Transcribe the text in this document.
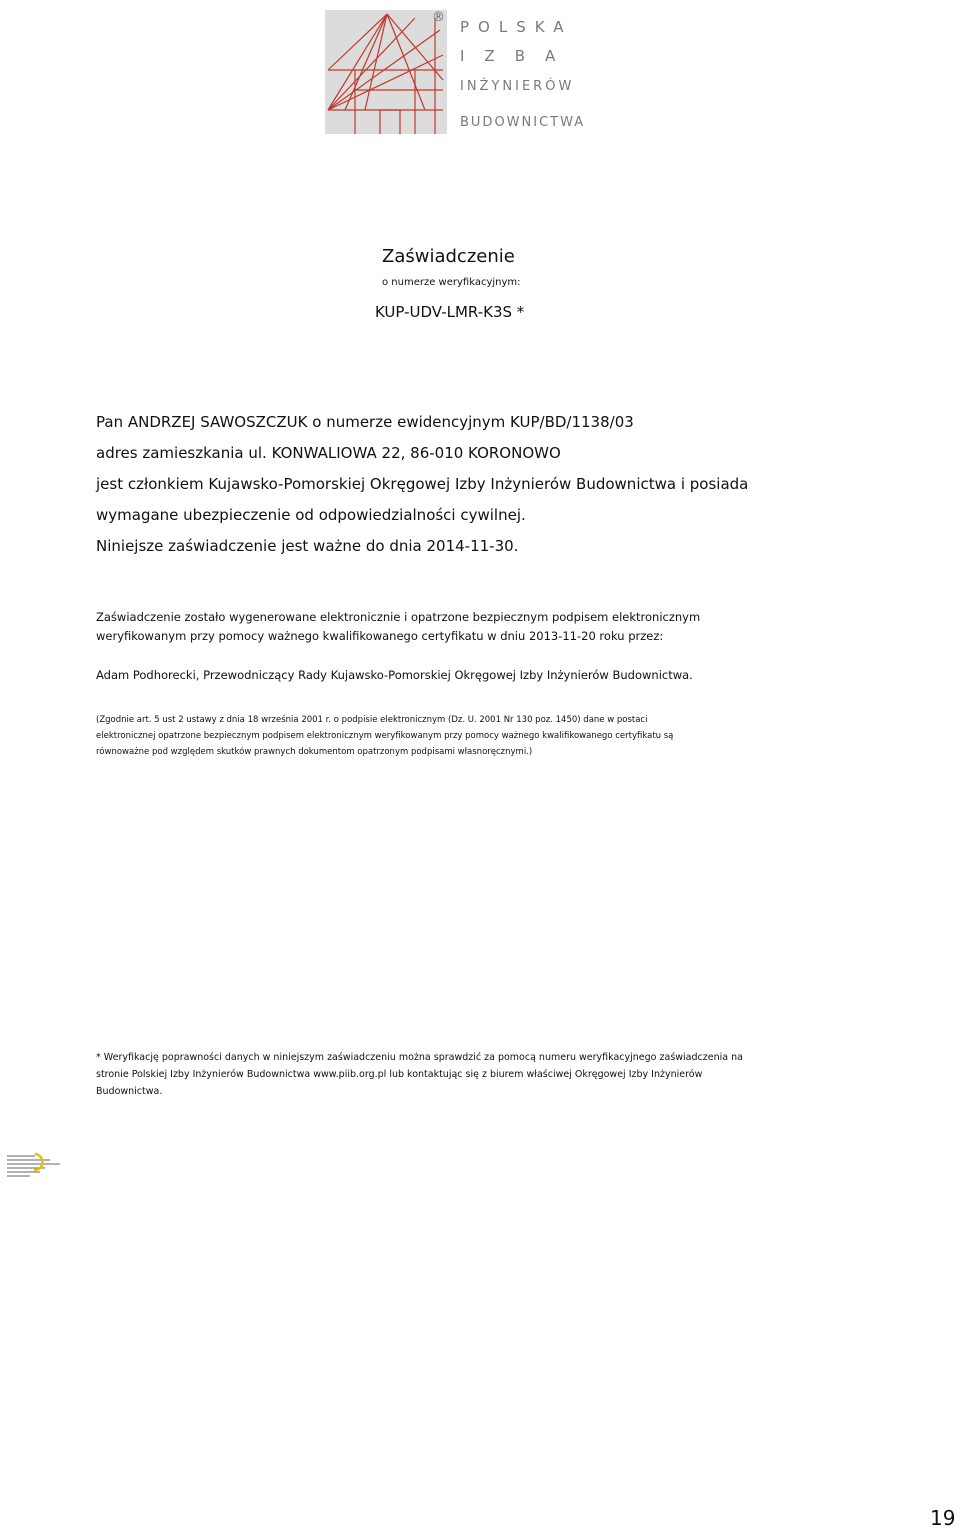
®
POLSKA
IZBA
INŻYNIERÓW
BUDOWNICTWA
Zaświadczenie
o numerze weryfikacyjnym:
KUP-UDV-LMR-K3S *
Pan ANDRZEJ SAWOSZCZUK o numerze ewidencyjnym KUP/BD/1138/03
adres zamieszkania ul. KONWALIOWA 22, 86-010 KORONOWO
jest członkiem Kujawsko-Pomorskiej Okręgowej Izby Inżynierów Budownictwa i posiada
wymagane ubezpieczenie od odpowiedzialności cywilnej.
Niniejsze zaświadczenie jest ważne do dnia 2014-11-30.
Zaświadczenie zostało wygenerowane elektronicznie i opatrzone bezpiecznym podpisem elektronicznym
weryfikowanym przy pomocy ważnego kwalifikowanego certyfikatu w dniu 2013-11-20 roku przez:
Adam Podhorecki, Przewodniczący Rady Kujawsko-Pomorskiej Okręgowej Izby Inżynierów Budownictwa.
(Zgodnie art. 5 ust 2 ustawy z dnia 18 września 2001 r. o podpisie elektronicznym (Dz. U. 2001 Nr 130 poz. 1450) dane w postaci
elektronicznej opatrzone bezpiecznym podpisem elektronicznym weryfikowanym przy pomocy ważnego kwalifikowanego certyfikatu są
równoważne pod względem skutków prawnych dokumentom opatrzonym podpisami własnoręcznymi.)
* Weryfikację poprawności danych w niniejszym zaświadczeniu można sprawdzić za pomocą numeru weryfikacyjnego zaświadczenia na
stronie Polskiej Izby Inżynierów Budownictwa www.piib.org.pl lub kontaktując się z biurem właściwej Okręgowej Izby Inżynierów
Budownictwa.
19
